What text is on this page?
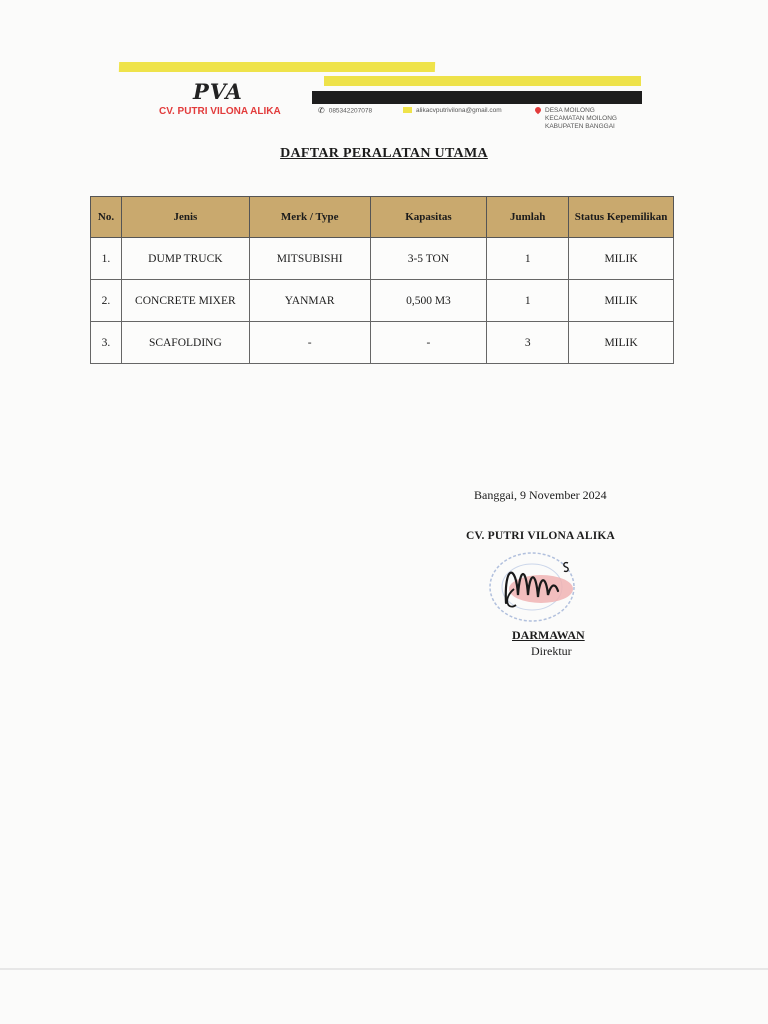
PVA
CV. PUTRI VILONA ALIKA	✆ 085342207078	alikacvputrivilona@gmail.com	DESA MOILONG
KECAMATAN MOILONG
KABUPATEN BANGGAI
DAFTAR PERALATAN UTAMA
No.	Jenis	Merk / Type	Kapasitas	Jumlah	Status Kepemilikan
1.	DUMP TRUCK	MITSUBISHI	3-5 TON	1	MILIK
2.	CONCRETE MIXER	YANMAR	0,500 M3	1	MILIK
3.	SCAFOLDING	-	-	3	MILIK
Banggai, 9 November 2024
CV. PUTRI VILONA ALIKA
DARMAWAN
Direktur
